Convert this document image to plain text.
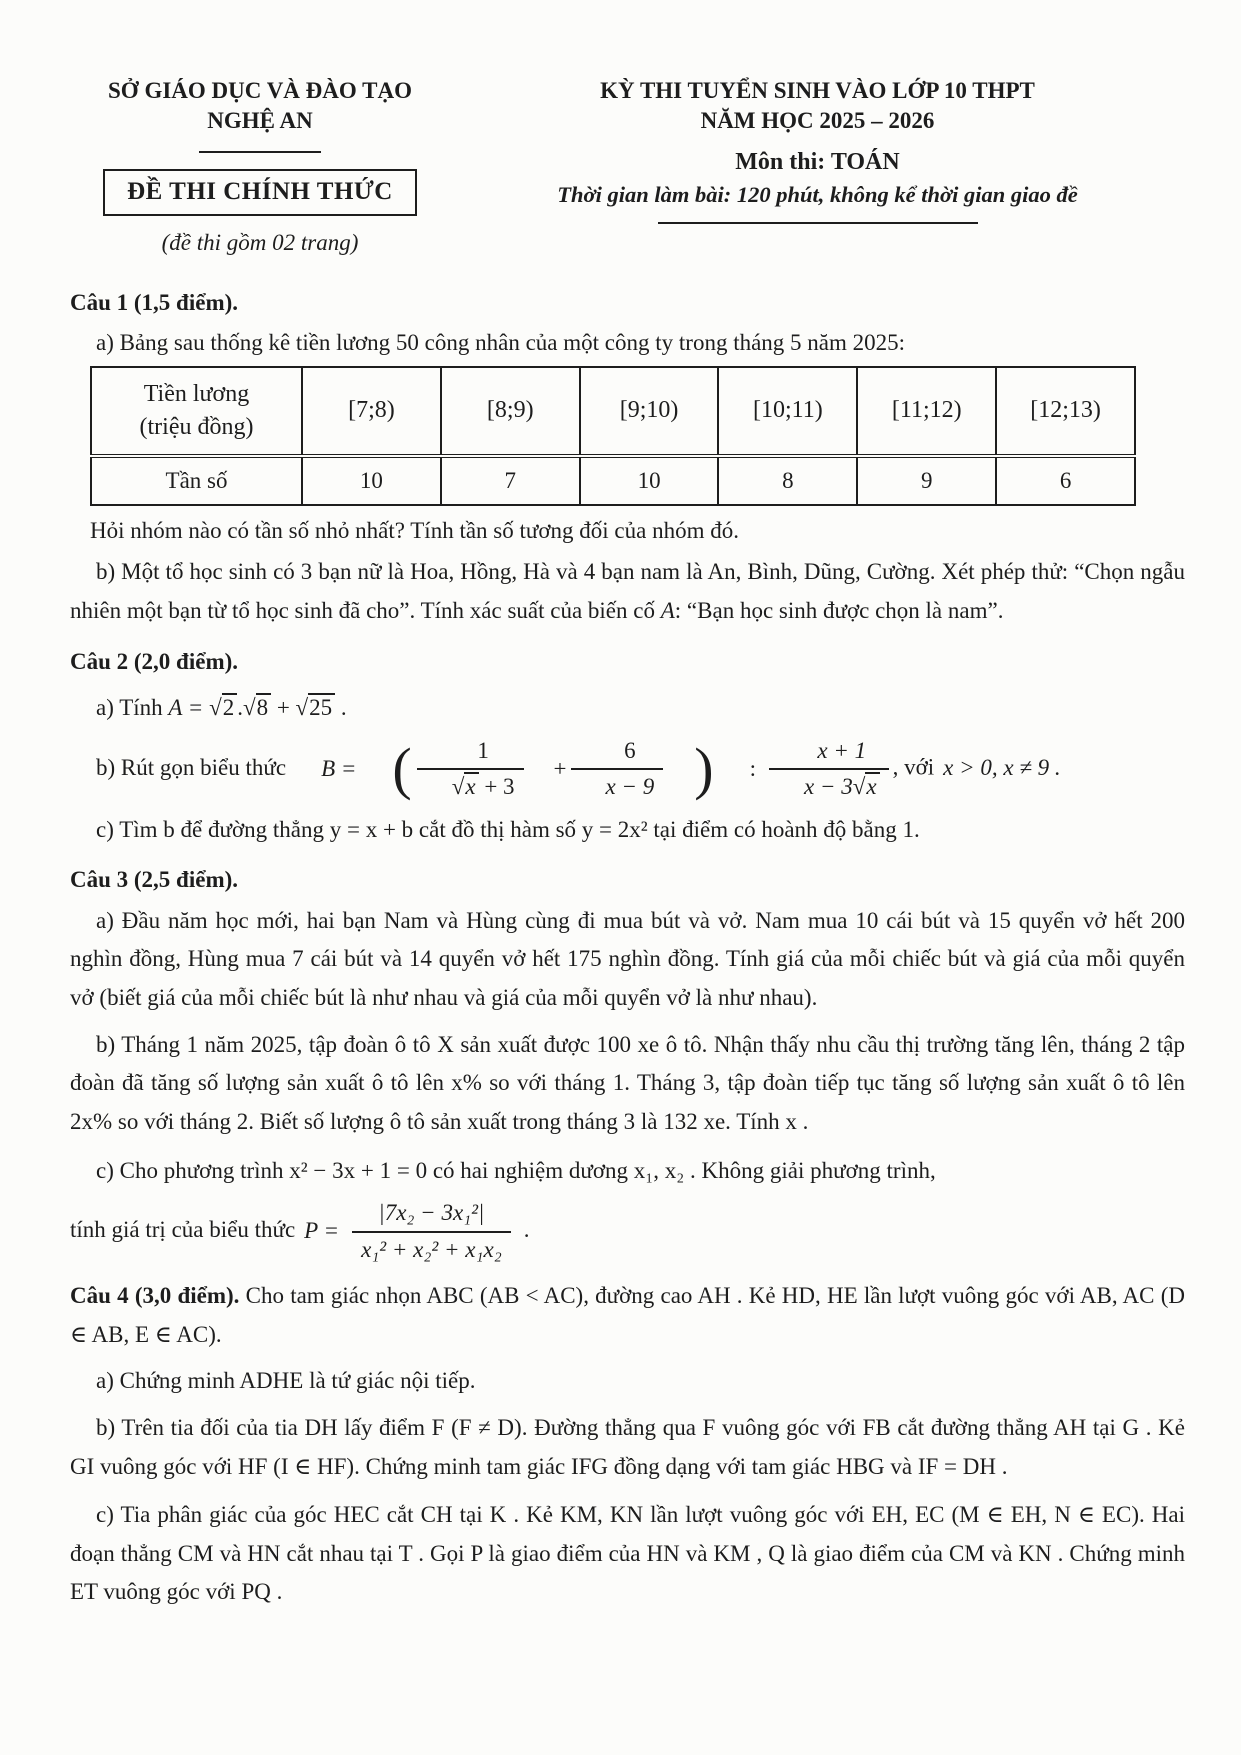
SỞ GIÁO DỤC VÀ ĐÀO TẠO
NGHỆ AN
ĐỀ THI CHÍNH THỨC
(đề thi gồm 02 trang)
KỲ THI TUYỂN SINH VÀO LỚP 10 THPT
NĂM HỌC 2025 – 2026
Môn thi: TOÁN
Thời gian làm bài: 120 phút, không kể thời gian giao đề

Câu 1 (1,5 điểm).

a) Bảng sau thống kê tiền lương 50 công nhân của một công ty trong tháng 5 năm 2025:

Tiền lương
(triệu đồng)	[7;8)	[8;9)	[9;10)	[10;11)	[11;12)	[12;13)
Tần số	10	7	10	8	9	6

Hỏi nhóm nào có tần số nhỏ nhất? Tính tần số tương đối của nhóm đó.

b) Một tổ học sinh có 3 bạn nữ là Hoa, Hồng, Hà và 4 bạn nam là An, Bình, Dũng, Cường. Xét phép thử: “Chọn ngẫu nhiên một bạn từ tổ học sinh đã cho”. Tính xác suất của biến cố A: “Bạn học sinh được chọn là nam”.

Câu 2 (2,0 điểm).

a) Tính A = √2 .√8 + √25 .

b) Rút gọn biểu thức	B = ( $\frac{1}{√x + 3}$	+ $\frac{6}{x - 9}$ )	: $\frac{x + 1}{x - 3√x}$ , với x > 0, x ≠ 9 .

c) Tìm b để đường thẳng y = x + b cắt đồ thị hàm số y = 2x² tại điểm có hoành độ bằng 1.

Câu 3 (2,5 điểm).

a) Đầu năm học mới, hai bạn Nam và Hùng cùng đi mua bút và vở. Nam mua 10 cái bút và 15 quyển vở hết 200 nghìn đồng, Hùng mua 7 cái bút và 14 quyển vở hết 175 nghìn đồng. Tính giá của mỗi chiếc bút và giá của mỗi quyển vở (biết giá của mỗi chiếc bút là như nhau và giá của mỗi quyển vở là như nhau).

b) Tháng 1 năm 2025, tập đoàn ô tô X sản xuất được 100 xe ô tô. Nhận thấy nhu cầu thị trường tăng lên, tháng 2 tập đoàn đã tăng số lượng sản xuất ô tô lên x% so với tháng 1. Tháng 3, tập đoàn tiếp tục tăng số lượng sản xuất ô tô lên 2x% so với tháng 2. Biết số lượng ô tô sản xuất trong tháng 3 là 132 xe. Tính x .

c) Cho phương trình x² − 3x + 1 = 0 có hai nghiệm dương x₁, x₂ . Không giải phương trình,

tính giá trị của biểu thức $P = \frac{\text{|7x₂ − 3x₁²|}}{\text{x₁² + x₂² + x₁x₂}}$ .

Câu 4 (3,0 điểm). Cho tam giác nhọn ABC (AB < AC), đường cao AH . Kẻ HD, HE lần lượt vuông góc với AB, AC (D ∈ AB, E ∈ AC).

a) Chứng minh ADHE là tứ giác nội tiếp.

b) Trên tia đối của tia DH lấy điểm F (F ≠ D). Đường thẳng qua F vuông góc với FB cắt đường thẳng AH tại G . Kẻ GI vuông góc với HF (I ∈ HF). Chứng minh tam giác IFG đồng dạng với tam giác HBG và IF = DH .

c) Tia phân giác của góc HEC cắt CH tại K . Kẻ KM, KN lần lượt vuông góc với EH, EC (M ∈ EH, N ∈ EC). Hai đoạn thẳng CM và HN cắt nhau tại T . Gọi P là giao điểm của HN và KM , Q là giao điểm của CM và KN . Chứng minh ET vuông góc với PQ .
